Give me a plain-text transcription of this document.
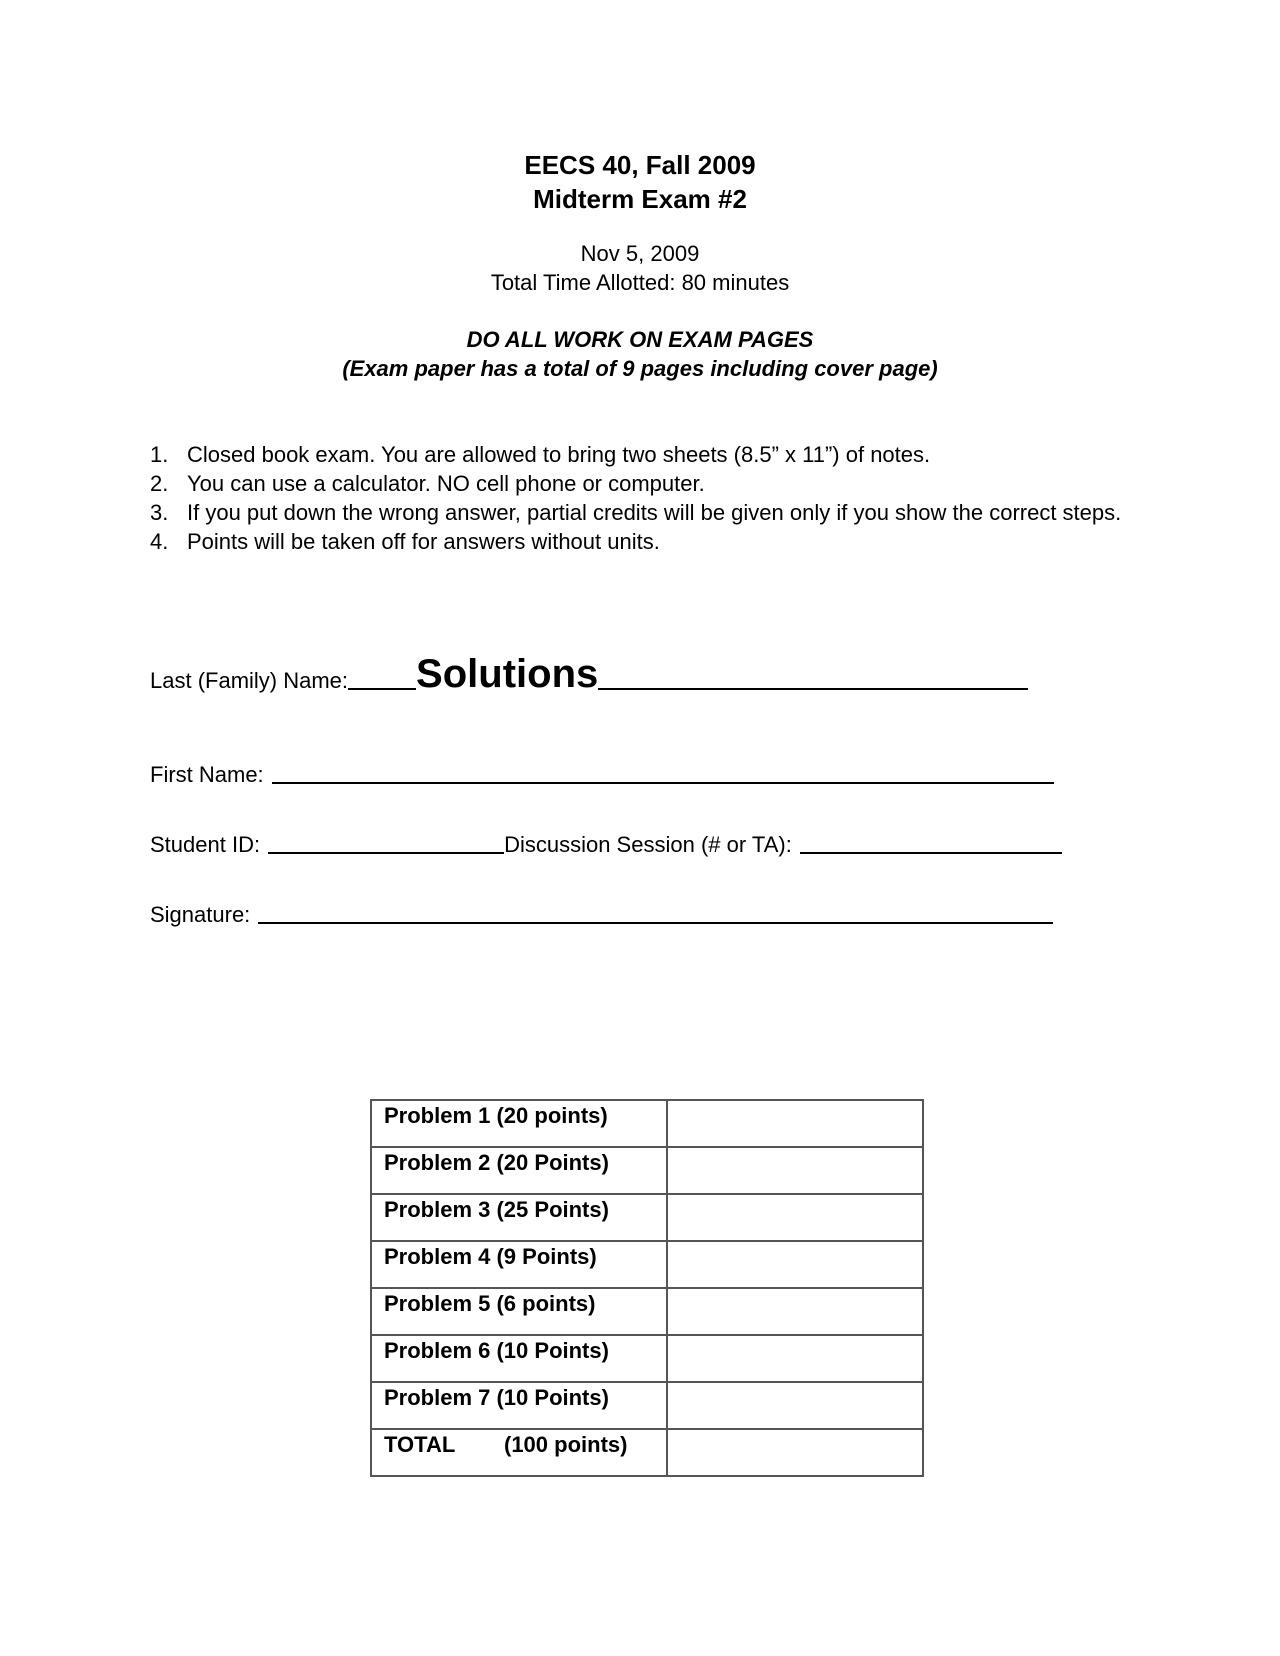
EECS 40, Fall 2009
Midterm Exam #2
Nov 5, 2009
Total Time Allotted: 80 minutes
DO ALL WORK ON EXAM PAGES
(Exam paper has a total of 9 pages including cover page)
1. Closed book exam. You are allowed to bring two sheets (8.5” x 11”) of notes.
2. You can use a calculator. NO cell phone or computer.
3. If you put down the wrong answer, partial credits will be given only if you show the correct steps.
4. Points will be taken off for answers without units.
Last (Family) Name: Solutions
First Name:
Student ID:	Discussion Session (# or TA):
Signature:
Problem 1 (20 points)	
Problem 2 (20 Points)	
Problem 3 (25 Points)	
Problem 4 (9 Points)	
Problem 5 (6 points)	
Problem 6 (10 Points)	
Problem 7 (10 Points)	
TOTAL (100 points)	
